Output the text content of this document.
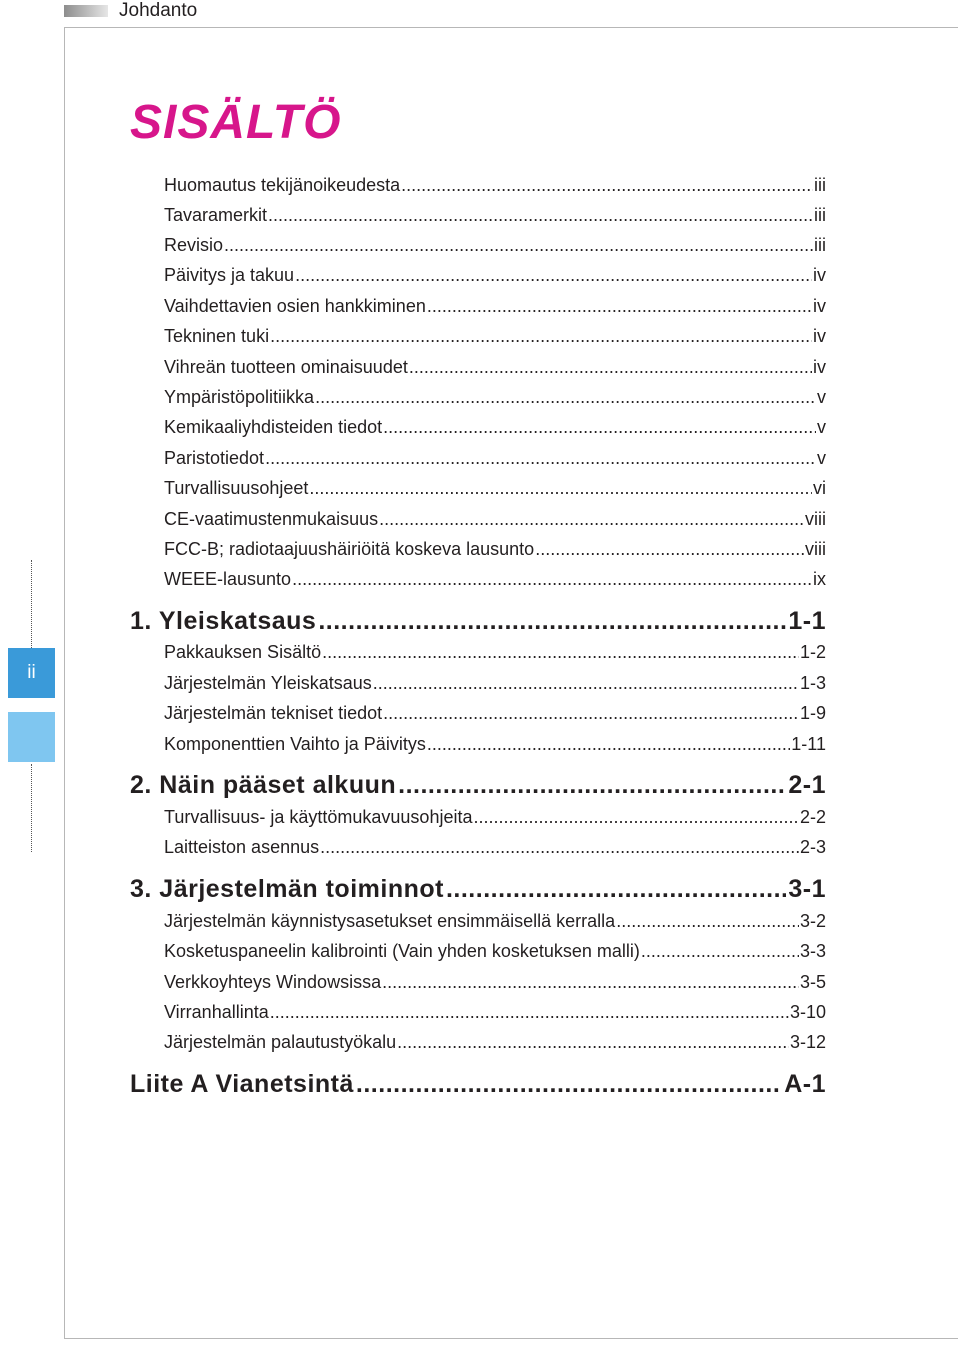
Johdanto
ii
SISÄLTÖ
Huomautus tekijänoikeudesta .....	iii
Tavaramerkit .....	iii
Revisio .....	iii
Päivitys ja takuu .....	iv
Vaihdettavien osien hankkiminen .....	iv
Tekninen tuki .....	iv
Vihreän tuotteen ominaisuudet .....	iv
Ympäristöpolitiikka .....	v
Kemikaaliyhdisteiden tiedot .....	v
Paristotiedot .....	v
Turvallisuusohjeet .....	vi
CE-vaatimustenmukaisuus .....	viii
FCC-B; radiotaajuushäiriöitä koskeva lausunto .....	viii
WEEE-lausunto .....	ix
1. Yleiskatsaus .....	1-1
Pakkauksen Sisältö .....	1-2
Järjestelmän Yleiskatsaus .....	1-3
Järjestelmän tekniset tiedot .....	1-9
Komponenttien Vaihto ja Päivitys .....	1-11
2. Näin pääset alkuun .....	2-1
Turvallisuus- ja käyttömukavuusohjeita .....	2-2
Laitteiston asennus .....	2-3
3. Järjestelmän toiminnot .....	3-1
Järjestelmän käynnistysasetukset ensimmäisellä kerralla .....	3-2
Kosketuspaneelin kalibrointi (Vain yhden kosketuksen malli) .....	3-3
Verkkoyhteys Windowsissa .....	3-5
Virranhallinta .....	3-10
Järjestelmän palautustyökalu .....	3-12
Liite A Vianetsintä .....	A-1
